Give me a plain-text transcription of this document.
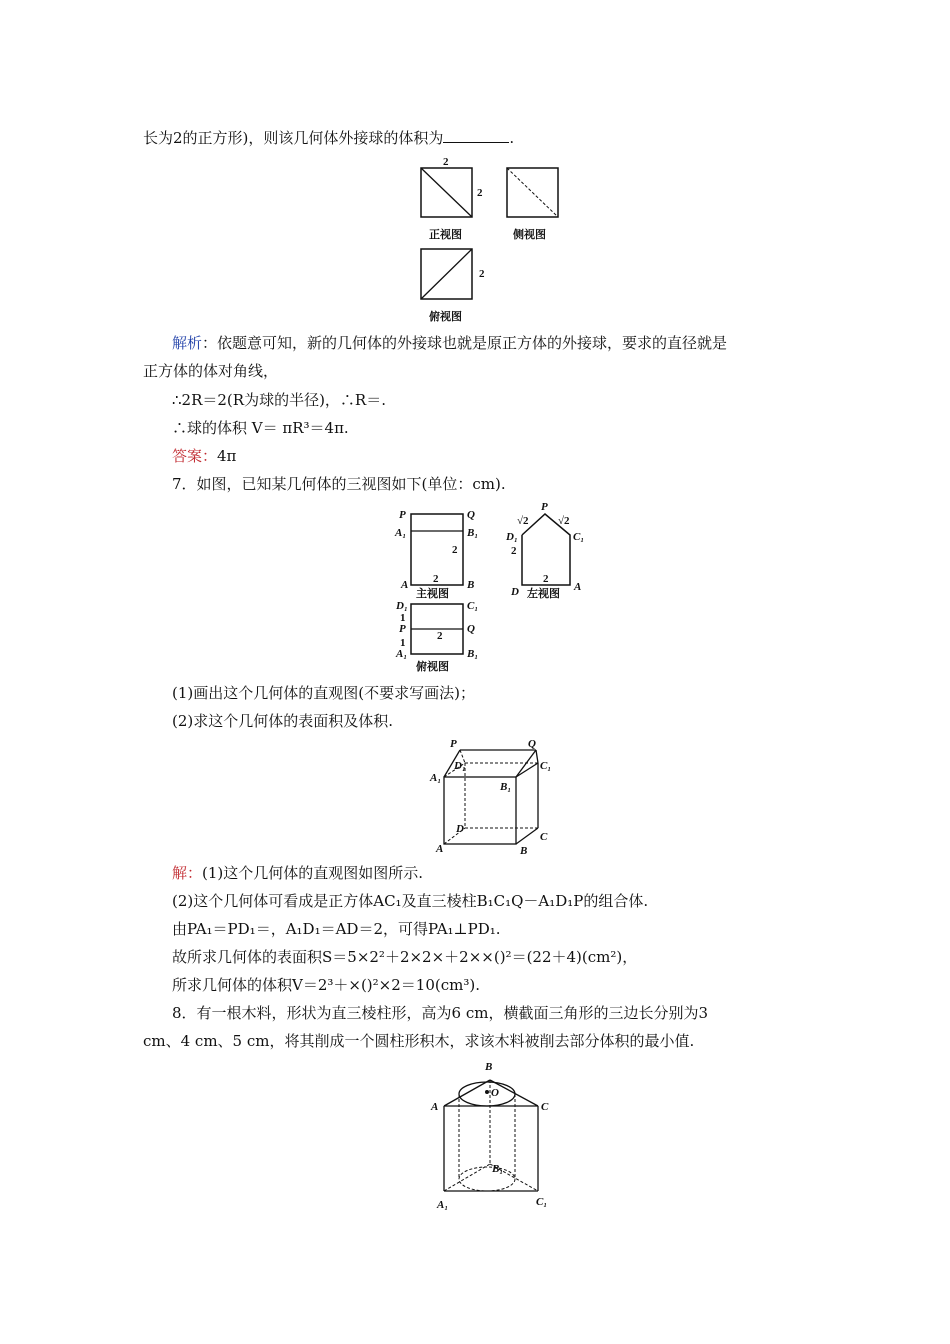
长为2的正方形)，则该几何体外接球的体积为	.
2
2
正视图	侧视图
2
俯视图
解析：依题意可知，新的几何体的外接球也就是原正方体的外接球，要求的直径就是
正方体的体对角线，
∴2R＝2(R为球的半径)，∴R＝.
∴球的体积 V＝ πR³＝4π.
答案：4π
7．如图，已知某几何体的三视图如下(单位：cm).
P	Q
A₁	B₁
2
2
A	B
主视图
P
√2	√2
D₁	C₁
2
2
D	A
左视图
D₁	C₁
1
P	Q
2
1
A₁	B₁
俯视图
(1)画出这个几何体的直观图(不要求写画法)；
(2)求这个几何体的表面积及体积.
P	Q
D₁	C₁
A₁
B₁
D
C
A	B
解：(1)这个几何体的直观图如图所示.
(2)这个几何体可看成是正方体AC₁及直三棱柱B₁C₁Q－A₁D₁P的组合体.
由PA₁＝PD₁＝，A₁D₁＝AD＝2，可得PA₁⊥PD₁.
故所求几何体的表面积S＝5×2²＋2×2×＋2××()²＝(22＋4)(cm²)，
所求几何体的体积V＝2³＋×()²×2＝10(cm³).
8．有一根木料，形状为直三棱柱形，高为6 cm，横截面三角形的三边长分别为3
cm、4 cm、5 cm，将其削成一个圆柱形积木，求该木料被削去部分体积的最小值.
B
O
A	C
B₁
A₁	C₁
